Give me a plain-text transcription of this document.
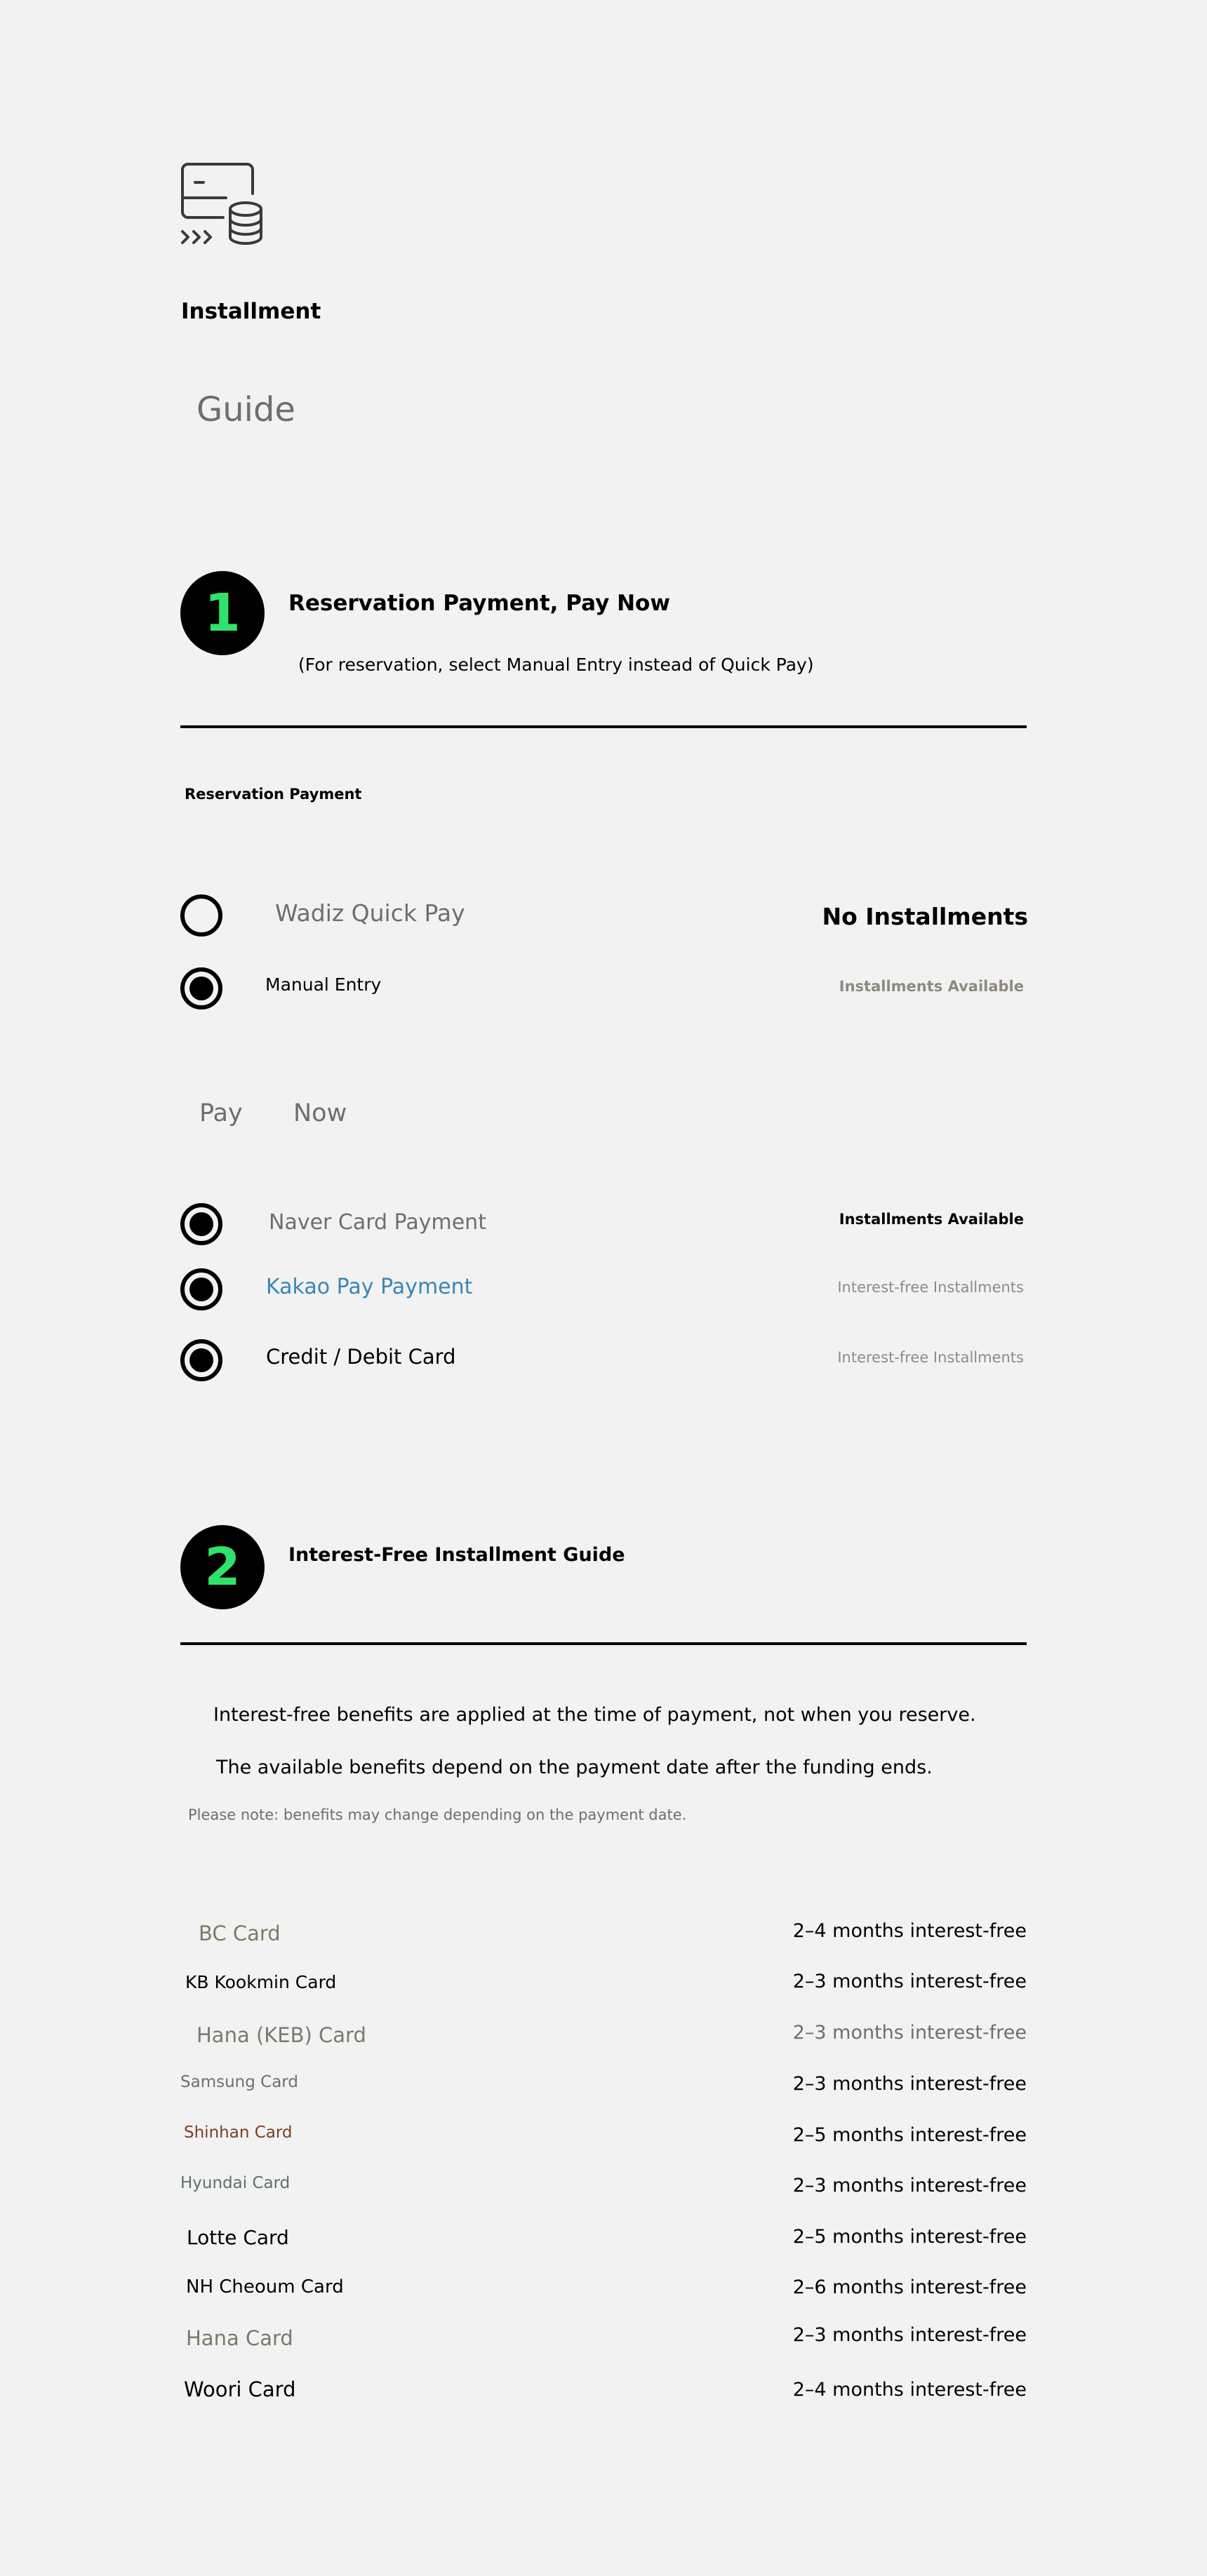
Installment
Guide
1	Reservation Payment, Pay Now
(For reservation, select Manual Entry instead of Quick Pay)
Reservation Payment
Wadiz Quick Pay	No Installments
Manual Entry	Installments Available
Pay Now
Naver Card Payment	Installments Available
Kakao Pay Payment	Interest-free Installments
Credit / Debit Card	Interest-free Installments
2	Interest-Free Installment Guide
Interest-free benefits are applied at the time of payment, not when you reserve.
The available benefits depend on the payment date after the funding ends.
Please note: benefits may change depending on the payment date.
BC Card	2–4 months interest-free
KB Kookmin Card	2–3 months interest-free
Hana (KEB) Card	2–3 months interest-free
Samsung Card	2–3 months interest-free
Shinhan Card	2–5 months interest-free
Hyundai Card	2–3 months interest-free
Lotte Card	2–5 months interest-free
NH Cheoum Card	2–6 months interest-free
Hana Card	2–3 months interest-free
Woori Card	2–4 months interest-free
